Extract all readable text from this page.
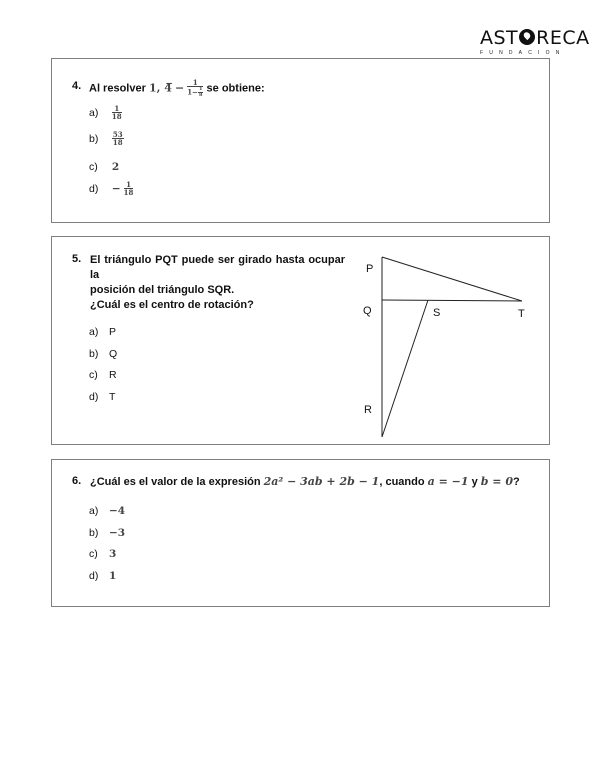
AST RECA
FUNDACION
4. Al resolver 1, 4̅ − $\frac{1}{1- \frac{1}{8}}$ se obtiene:
$a) \frac{1}{18}$
$b) \frac{53}{18}$
c) 2
$d) - \frac{1}{18}$
5. El triángulo PQT puede ser girado hasta ocupar la
posición del triángulo SQR.
¿Cuál es el centro de rotación?
a) P
b) Q
c) R
d) T
P
Q	S	T
R
6. ¿Cuál es el valor de la expresión 2a² − 3ab + 2b − 1, cuando a = −1 y b = 0?
a) −4
b) −3
c) 3
d) 1
